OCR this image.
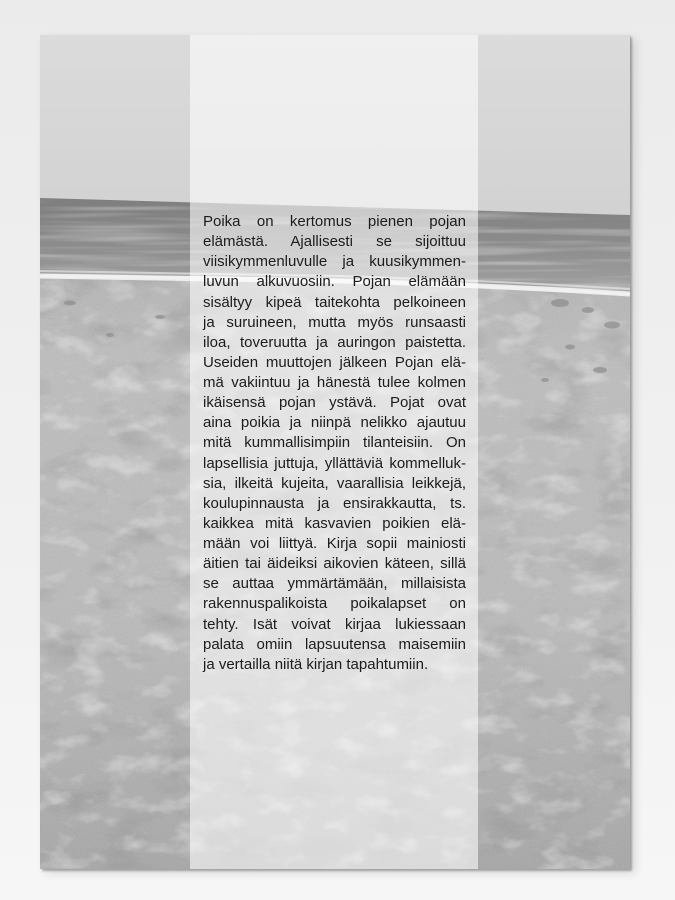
Poika on kertomus pienen pojan
elämästä. Ajallisesti se sijoittuu
viisikymmenluvulle ja kuusikymmen-
luvun alkuvuosiin. Pojan elämään
sisältyy kipeä taitekohta pelkoineen
ja suruineen, mutta myös runsaasti
iloa, toveruutta ja auringon paistetta.
Useiden muuttojen jälkeen Pojan elä-
mä vakiintuu ja hänestä tulee kolmen
ikäisensä pojan ystävä. Pojat ovat
aina poikia ja niinpä nelikko ajautuu
mitä kummallisimpiin tilanteisiin. On
lapsellisia juttuja, yllättäviä kommelluk-
sia, ilkeitä kujeita, vaarallisia leikkejä,
koulupinnausta ja ensirakkautta, ts.
kaikkea mitä kasvavien poikien elä-
mään voi liittyä. Kirja sopii mainiosti
äitien tai äideiksi aikovien käteen, sillä
se auttaa ymmärtämään, millaisista
rakennuspalikoista poikalapset on
tehty. Isät voivat kirjaa lukiessaan
palata omiin lapsuutensa maisemiin
ja vertailla niitä kirjan tapahtumiin.
